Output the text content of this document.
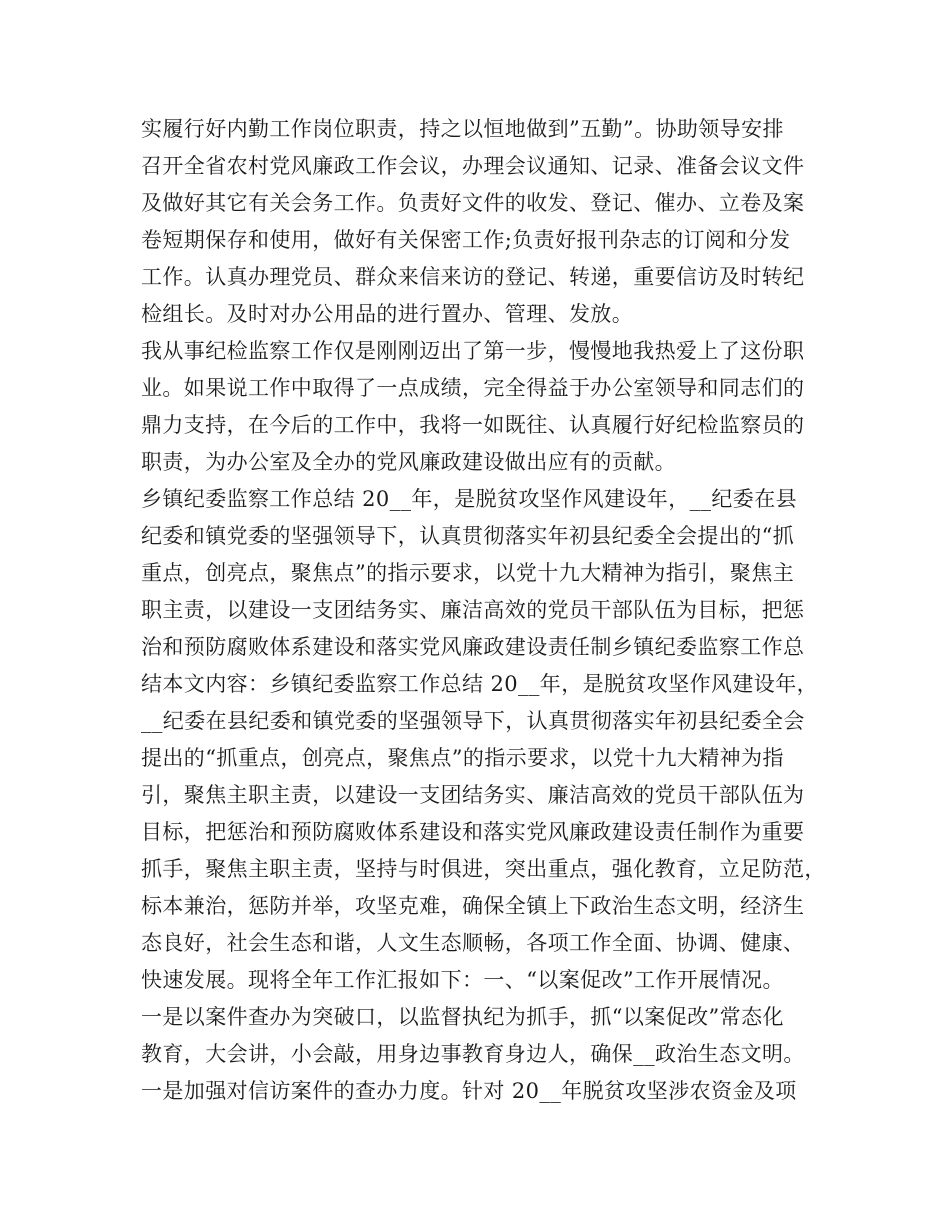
实履行好内勤工作岗位职责，持之以恒地做到”五勤”。协助领导安排
召开全省农村党风廉政工作会议，办理会议通知、记录、准备会议文件
及做好其它有关会务工作。负责好文件的收发、登记、催办、立卷及案
卷短期保存和使用，做好有关保密工作;负责好报刊杂志的订阅和分发
工作。认真办理党员、群众来信来访的登记、转递，重要信访及时转纪
检组长。及时对办公用品的进行置办、管理、发放。
我从事纪检监察工作仅是刚刚迈出了第一步，慢慢地我热爱上了这份职
业。如果说工作中取得了一点成绩，完全得益于办公室领导和同志们的
鼎力支持，在今后的工作中，我将一如既往、认真履行好纪检监察员的
职责，为办公室及全办的党风廉政建设做出应有的贡献。
乡镇纪委监察工作总结 20__年，是脱贫攻坚作风建设年，__纪委在县
纪委和镇党委的坚强领导下，认真贯彻落实年初县纪委全会提出的“抓
重点，创亮点，聚焦点”的指示要求，以党十九大精神为指引，聚焦主
职主责，以建设一支团结务实、廉洁高效的党员干部队伍为目标，把惩
治和预防腐败体系建设和落实党风廉政建设责任制乡镇纪委监察工作总
结本文内容：乡镇纪委监察工作总结 20__年，是脱贫攻坚作风建设年，
__纪委在县纪委和镇党委的坚强领导下，认真贯彻落实年初县纪委全会
提出的“抓重点，创亮点，聚焦点”的指示要求，以党十九大精神为指
引，聚焦主职主责，以建设一支团结务实、廉洁高效的党员干部队伍为
目标，把惩治和预防腐败体系建设和落实党风廉政建设责任制作为重要
抓手，聚焦主职主责，坚持与时俱进，突出重点，强化教育，立足防范，
标本兼治，惩防并举，攻坚克难，确保全镇上下政治生态文明，经济生
态良好，社会生态和谐，人文生态顺畅，各项工作全面、协调、健康、
快速发展。现将全年工作汇报如下：一、“以案促改”工作开展情况。
一是以案件查办为突破口，以监督执纪为抓手，抓“以案促改”常态化
教育，大会讲，小会敲，用身边事教育身边人，确保__政治生态文明。
一是加强对信访案件的查办力度。针对 20__年脱贫攻坚涉农资金及项
